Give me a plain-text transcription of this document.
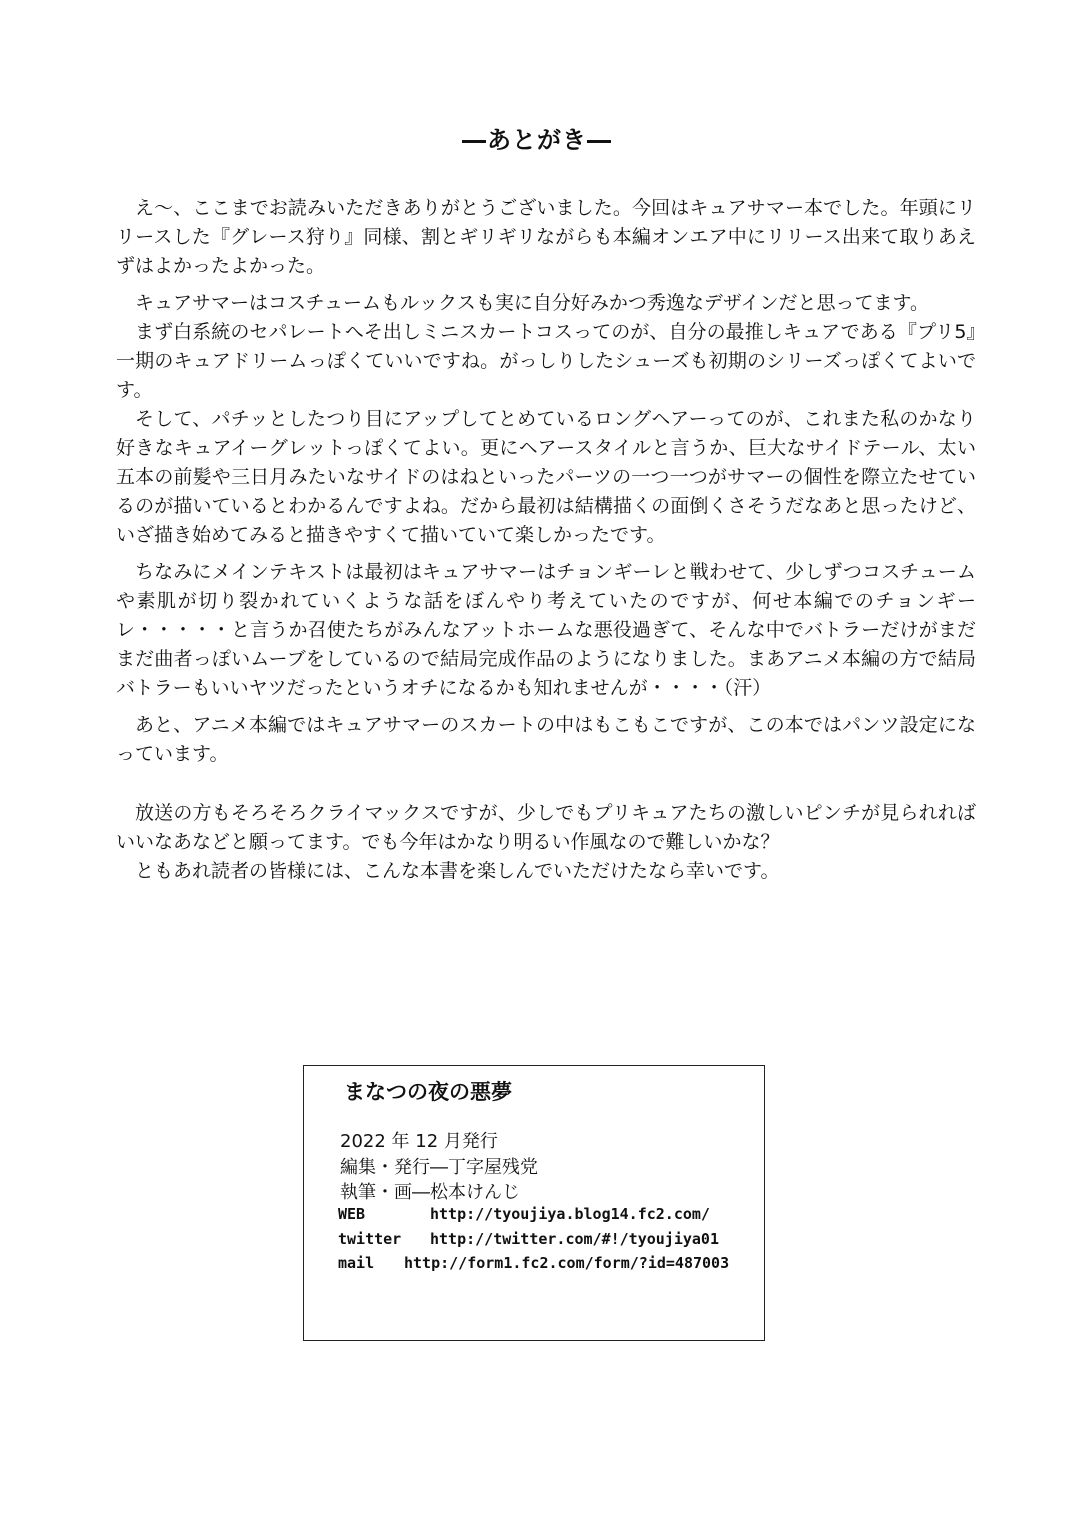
―あとがき―

え～、ここまでお読みいただきありがとうございました。今回はキュアサマー本でした。年頭にリリースした『グレース狩り』同様、割とギリギリながらも本編オンエア中にリリース出来て取りあえずはよかったよかった。

キュアサマーはコスチュームもルックスも実に自分好みかつ秀逸なデザインだと思ってます。

まず白系統のセパレートへそ出しミニスカートコスってのが、自分の最推しキュアである『プリ5』一期のキュアドリームっぽくていいですね。がっしりしたシューズも初期のシリーズっぽくてよいです。

そして、パチッとしたつり目にアップしてとめているロングヘアーってのが、これまた私のかなり好きなキュアイーグレットっぽくてよい。更にヘアースタイルと言うか、巨大なサイドテール、太い五本の前髪や三日月みたいなサイドのはねといったパーツの一つ一つがサマーの個性を際立たせているのが描いているとわかるんですよね。だから最初は結構描くの面倒くさそうだなあと思ったけど、いざ描き始めてみると描きやすくて描いていて楽しかったです。

ちなみにメインテキストは最初はキュアサマーはチョンギーレと戦わせて、少しずつコスチュームや素肌が切り裂かれていくような話をぼんやり考えていたのですが、何せ本編でのチョンギーレ・・・・・と言うか召使たちがみんなアットホームな悪役過ぎて、そんな中でバトラーだけがまだまだ曲者っぽいムーブをしているので結局完成作品のようになりました。まあアニメ本編の方で結局バトラーもいいヤツだったというオチになるかも知れませんが・・・・（汗）

あと、アニメ本編ではキュアサマーのスカートの中はもこもこですが、この本ではパンツ設定になっています。

放送の方もそろそろクライマックスですが、少しでもプリキュアたちの激しいピンチが見られればいいなあなどと願ってます。でも今年はかなり明るい作風なので難しいかな？

ともあれ読者の皆様には、こんな本書を楽しんでいただけたなら幸いです。

まなつの夜の悪夢
2022 年 12 月発行
編集・発行―丁字屋残党
執筆・画―松本けんじ
WEB	http://tyoujiya.blog14.fc2.com/
twitter http://twitter.com/#!/tyoujiya01
mail http://form1.fc2.com/form/?id=487003
